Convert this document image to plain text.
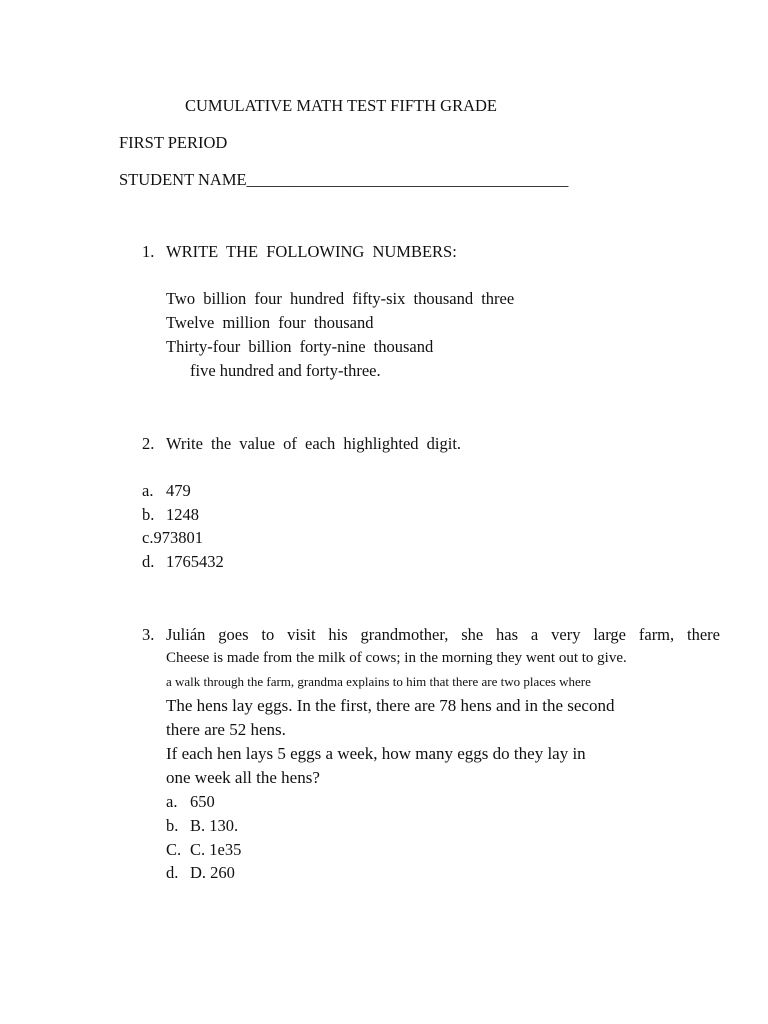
CUMULATIVE MATH TEST FIFTH GRADE
FIRST PERIOD
STUDENT NAME_______________________________________
1. WRITE THE FOLLOWING NUMBERS:
Two billion four hundred fifty-six thousand three
Twelve million four thousand
Thirty-four billion forty-nine thousand
five hundred and forty-three.
2. Write the value of each highlighted digit.
a. 479
b. 1248
c.973801
d. 1765432
3. Julián goes to visit his grandmother, she has a very large farm, there
Cheese is made from the milk of cows; in the morning they went out to give.
a walk through the farm, grandma explains to him that there are two places where
The hens lay eggs. In the first, there are 78 hens and in the second
there are 52 hens.
If each hen lays 5 eggs a week, how many eggs do they lay in
one week all the hens?
a. 650
b. B. 130.
C. C. 1e35
d. D. 260
